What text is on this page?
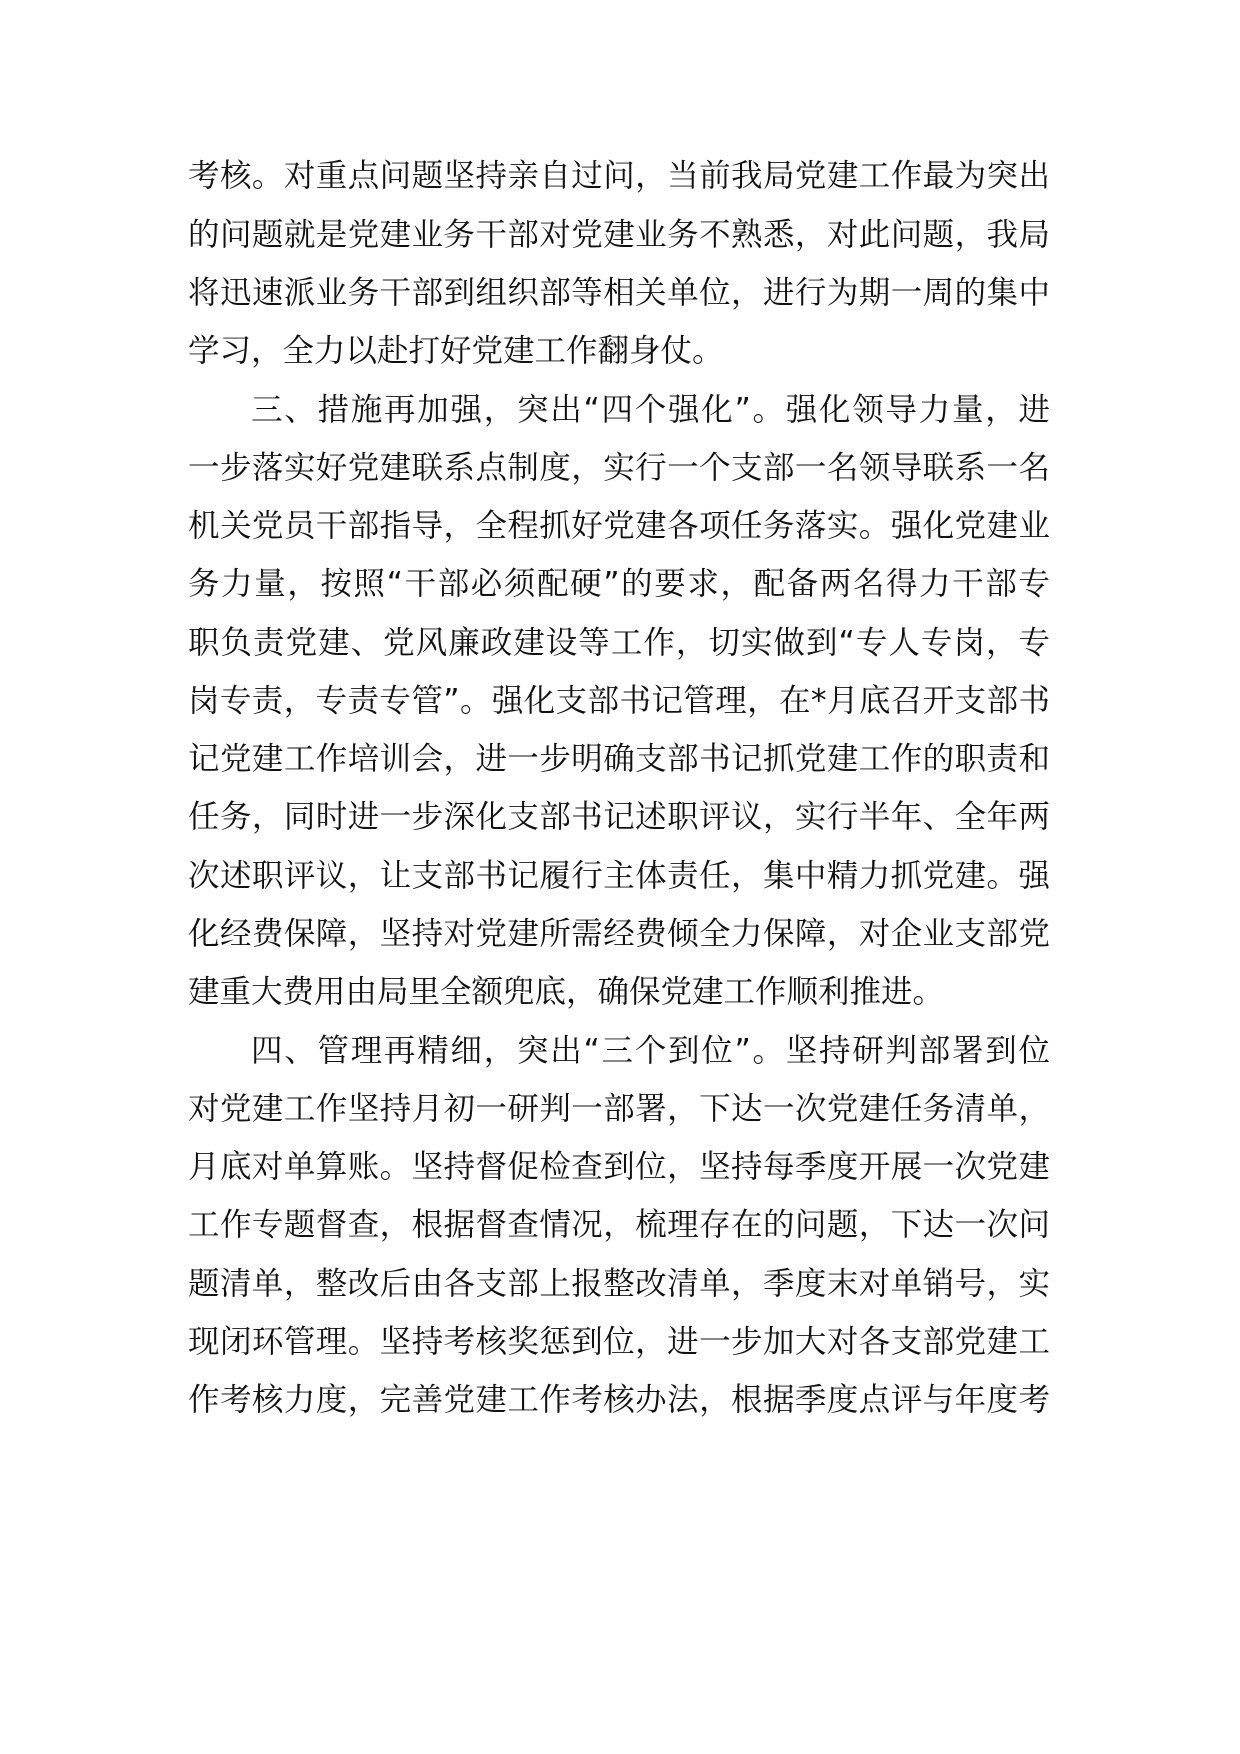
考核。对重点问题坚持亲自过问，当前我局党建工作最为突出
的问题就是党建业务干部对党建业务不熟悉，对此问题，我局
将迅速派业务干部到组织部等相关单位，进行为期一周的集中
学习，全力以赴打好党建工作翻身仗。
三、措施再加强，突出“四个强化”。强化领导力量，进
一步落实好党建联系点制度，实行一个支部一名领导联系一名
机关党员干部指导，全程抓好党建各项任务落实。强化党建业
务力量，按照“干部必须配硬”的要求，配备两名得力干部专
职负责党建、党风廉政建设等工作，切实做到“专人专岗，专
岗专责，专责专管”。强化支部书记管理，在*月底召开支部书
记党建工作培训会，进一步明确支部书记抓党建工作的职责和
任务，同时进一步深化支部书记述职评议，实行半年、全年两
次述职评议，让支部书记履行主体责任，集中精力抓党建。强
化经费保障，坚持对党建所需经费倾全力保障，对企业支部党
建重大费用由局里全额兜底，确保党建工作顺利推进。
四、管理再精细，突出“三个到位”。坚持研判部署到位
对党建工作坚持月初一研判一部署，下达一次党建任务清单，
月底对单算账。坚持督促检查到位，坚持每季度开展一次党建
工作专题督查，根据督查情况，梳理存在的问题，下达一次问
题清单，整改后由各支部上报整改清单，季度末对单销号，实
现闭环管理。坚持考核奖惩到位，进一步加大对各支部党建工
作考核力度，完善党建工作考核办法，根据季度点评与年度考
